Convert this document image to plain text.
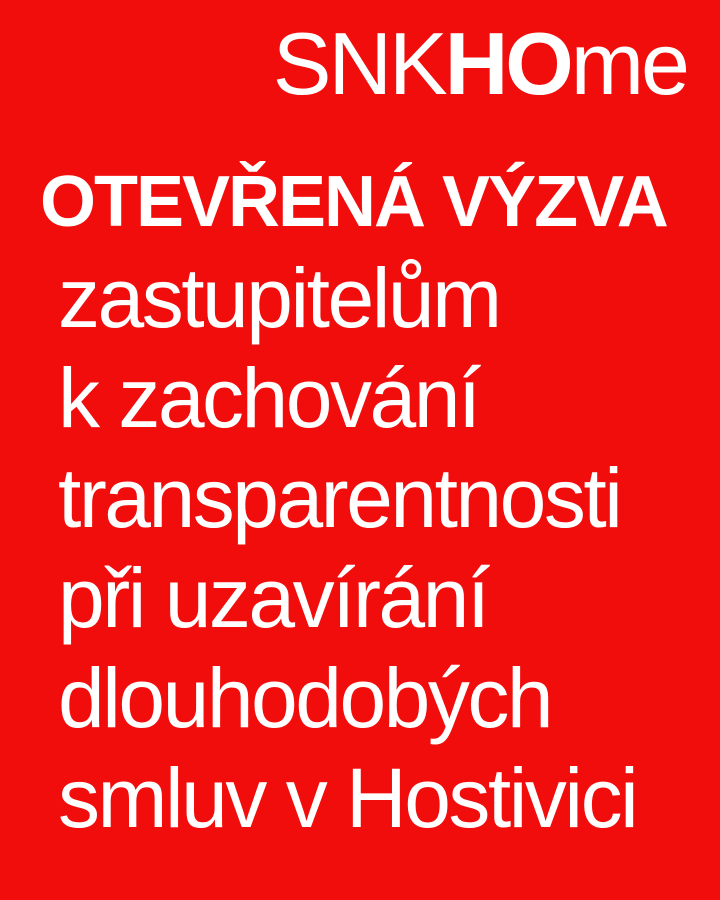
SNKHOme
OTEVŘENÁ VÝZVA
zastupitelům
k zachování
transparentnosti
při uzavírání
dlouhodobých
smluv v Hostivici
